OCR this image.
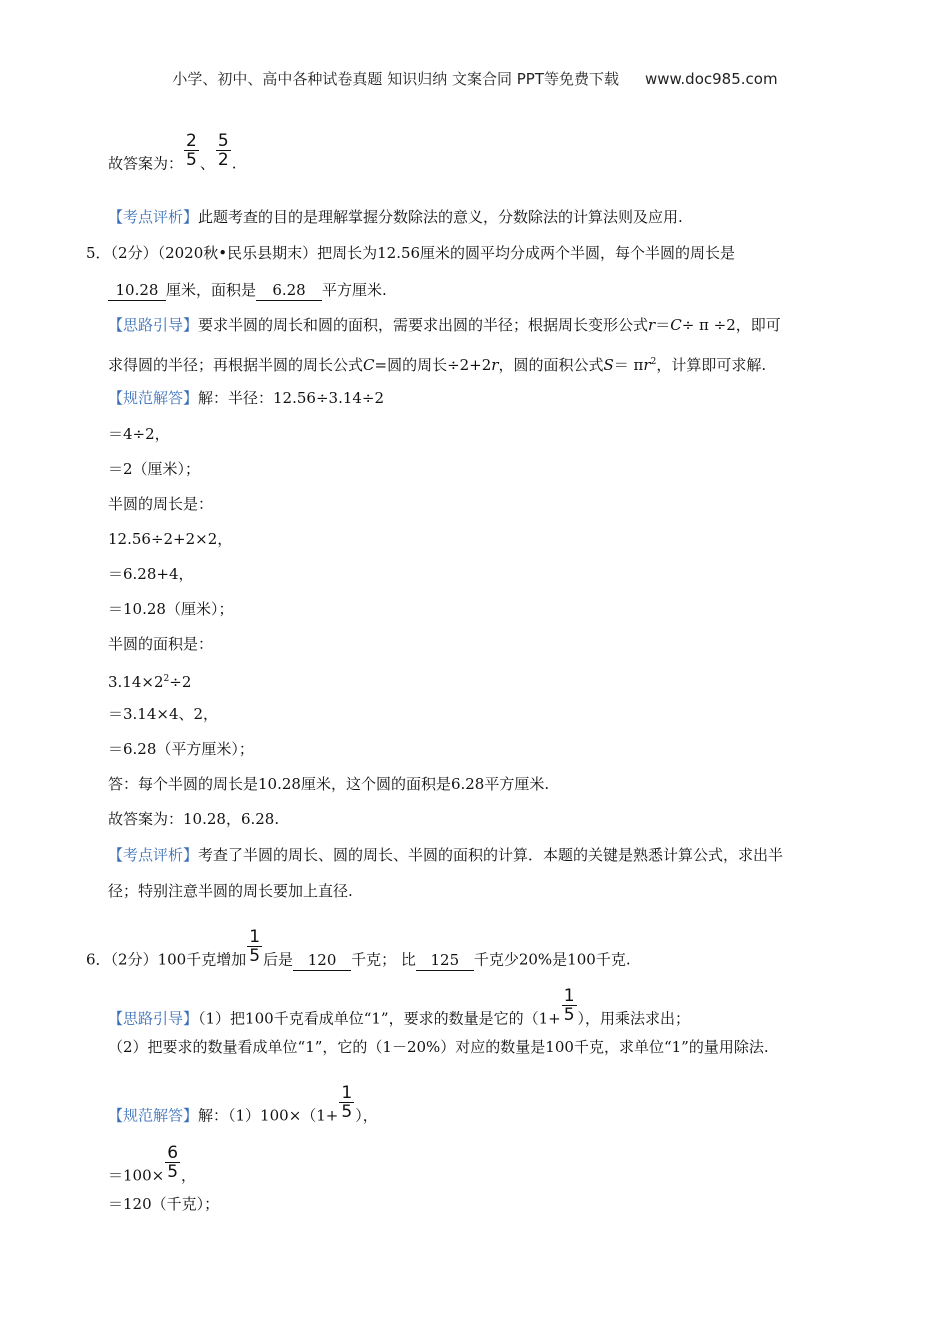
小学、初中、高中各种试卷真题 知识归纳 文案合同 PPT等免费下载 www.doc985.com
故答案为： $\frac{2}{5}$ 、 $\frac{5}{2}$ .
【考点评析】此题考查的目的是理解掌握分数除法的意义，分数除法的计算法则及应用.
5．（2分）（2020秋•民乐县期末）把周长为12.56厘米的圆平均分成两个半圆，每个半圆的周长是
10.28 厘米，面积是 6.28 平方厘米.
【思路引导】要求半圆的周长和圆的面积，需要求出圆的半径；根据周长变形公式r＝C÷ π ÷2，即可
求得圆的半径；再根据半圆的周长公式C=圆的周长÷2+2r，圆的面积公式$S= \pi r^2$，计算即可求解.
【规范解答】解：半径：12.56÷3.14÷2
＝4÷2，
＝2（厘米）；
半圆的周长是：
12.56÷2+2×2，
＝6.28+4，
＝10.28（厘米）；
半圆的面积是：
$3.14\times 2^2\div 2$
＝3.14×4、2，
＝6.28（平方厘米）；
答：每个半圆的周长是10.28厘米，这个圆的面积是6.28平方厘米.
故答案为：10.28，6.28.
【考点评析】考查了半圆的周长、圆的周长、半圆的面积的计算．本题的关键是熟悉计算公式，求出半
径；特别注意半圆的周长要加上直径.
6．（2分）100千克增加 $\frac{1}{5}$ 后是 120 千克； 比 125 千克少20%是100千克.
【思路引导】（1）把100千克看成单位“1”，要求的数量是它的（$1+ \frac{1}{5}$ ），用乘法求出；
（2）把要求的数量看成单位“1”，它的（1－20%）对应的数量是100千克，求单位“1”的量用除法.
【规范解答】解：$(1)100\times(1+ \frac{1}{5}$ ），
$=100\times \frac{6}{5}$ ，
＝120（千克）；
